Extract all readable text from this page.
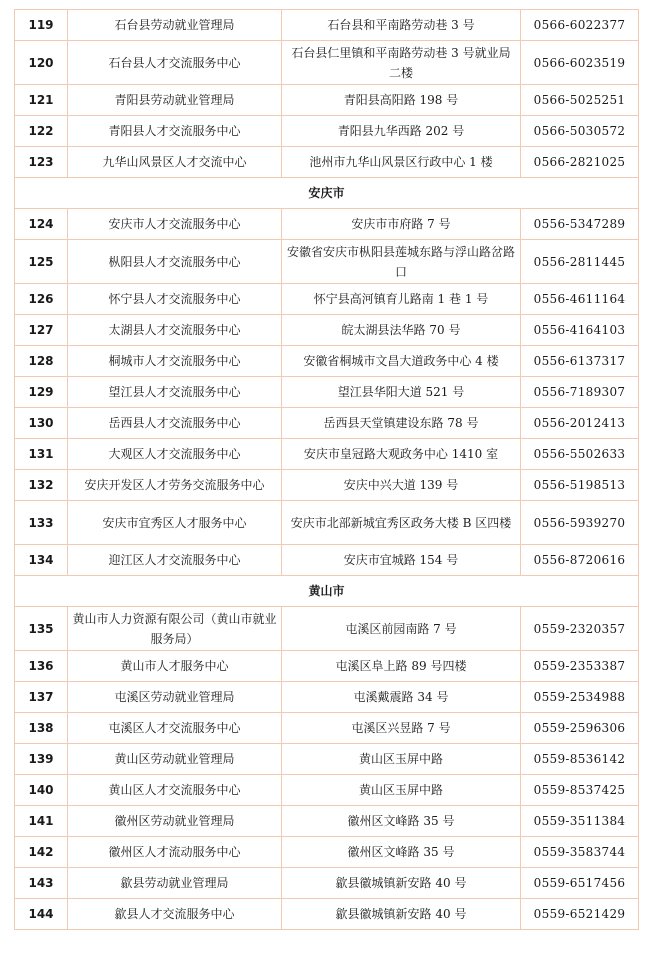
119	石台县劳动就业管理局	石台县和平南路劳动巷 3 号	0566-6022377
120	石台县人才交流服务中心	石台县仁里镇和平南路劳动巷 3 号就业局二楼	0566-6023519
121	青阳县劳动就业管理局	青阳县高阳路 198 号	0566-5025251
122	青阳县人才交流服务中心	青阳县九华西路 202 号	0566-5030572
123	九华山风景区人才交流中心	池州市九华山风景区行政中心 1 楼	0566-2821025
安庆市			
124	安庆市人才交流服务中心	安庆市市府路 7 号	0556-5347289
125	枞阳县人才交流服务中心	安徽省安庆市枞阳县莲城东路与浮山路岔路口	0556-2811445
126	怀宁县人才交流服务中心	怀宁县高河镇育儿路南 1 巷 1 号	0556-4611164
127	太湖县人才交流服务中心	皖太湖县法华路 70 号	0556-4164103
128	桐城市人才交流服务中心	安徽省桐城市文昌大道政务中心 4 楼	0556-6137317
129	望江县人才交流服务中心	望江县华阳大道 521 号	0556-7189307
130	岳西县人才交流服务中心	岳西县天堂镇建设东路 78 号	0556-2012413
131	大观区人才交流服务中心	安庆市皇冠路大观政务中心 1410 室	0556-5502633
132	安庆开发区人才劳务交流服务中心	安庆中兴大道 139 号	0556-5198513
133	安庆市宜秀区人才服务中心	安庆市北部新城宜秀区政务大楼 B 区四楼	0556-5939270
134	迎江区人才交流服务中心	安庆市宜城路 154 号	0556-8720616
黄山市			
135	黄山市人力资源有限公司（黄山市就业服务局）	屯溪区前园南路 7 号	0559-2320357
136	黄山市人才服务中心	屯溪区阜上路 89 号四楼	0559-2353387
137	屯溪区劳动就业管理局	屯溪戴震路 34 号	0559-2534988
138	屯溪区人才交流服务中心	屯溪区兴昱路 7 号	0559-2596306
139	黄山区劳动就业管理局	黄山区玉屏中路	0559-8536142
140	黄山区人才交流服务中心	黄山区玉屏中路	0559-8537425
141	徽州区劳动就业管理局	徽州区文峰路 35 号	0559-3511384
142	徽州区人才流动服务中心	徽州区文峰路 35 号	0559-3583744
143	歙县劳动就业管理局	歙县徽城镇新安路 40 号	0559-6517456
144	歙县人才交流服务中心	歙县徽城镇新安路 40 号	0559-6521429
